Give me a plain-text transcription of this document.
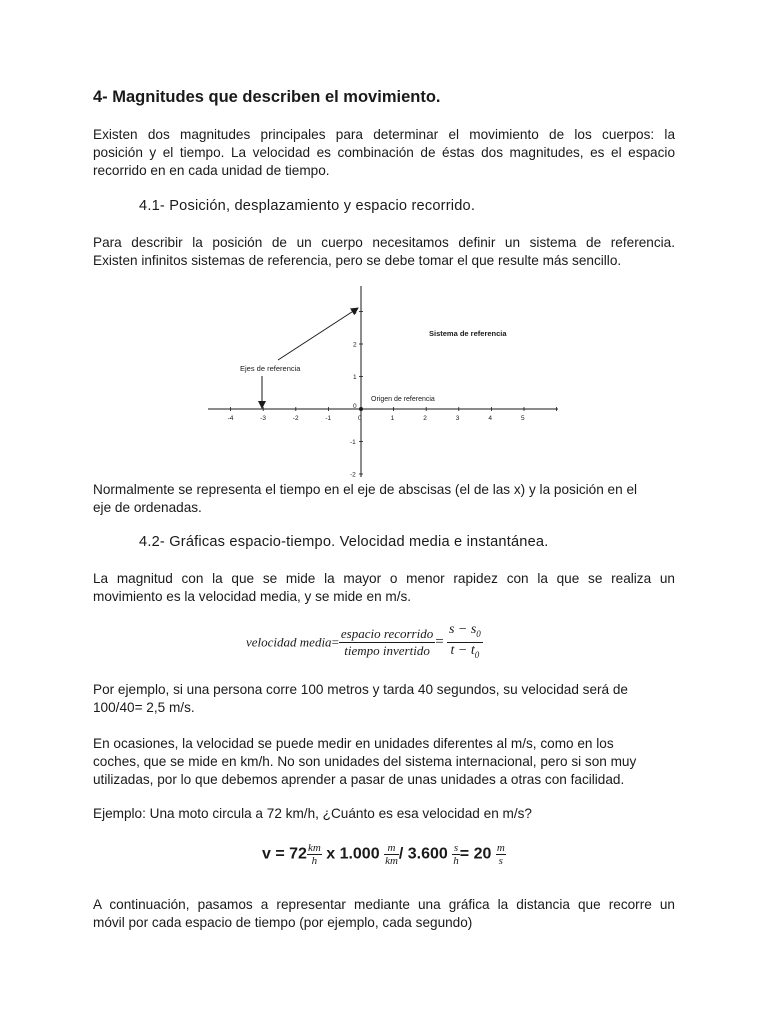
4- Magnitudes que describen el movimiento.
Existen dos magnitudes principales para determinar el movimiento de los cuerpos: la
posición y el tiempo. La velocidad es combinación de éstas dos magnitudes, es el espacio
recorrido en en cada unidad de tiempo.
4.1- Posición, desplazamiento y espacio recorrido.
Para describir la posición de un cuerpo necesitamos definir un sistema de referencia.
Existen infinitos sistemas de referencia, pero se debe tomar el que resulte más sencillo.
-4	-3	-2	-1	0	1	2	3	4	5
3
2
1
-1
-2
Sistema de referencia
Ejes de referencia
Origen de referencia
0
Normalmente se representa el tiempo en el eje de abscisas (el de las x) y la posición en el
eje de ordenadas.
4.2- Gráficas espacio-tiempo. Velocidad media e instantánea.
La magnitud con la que se mide la mayor o menor rapidez con la que se realiza un
movimiento es la velocidad media, y se mide en m/s.
velocidad media= $\frac{\text{espacio recorrido}}{\text{tiempo invertido}} = \frac{s - s_0}{t - t_0}$
Por ejemplo, si una persona corre 100 metros y tarda 40 segundos, su velocidad será de
100/40= 2,5 m/s.
En ocasiones, la velocidad se puede medir en unidades diferentes al m/s, como en los
coches, que se mide en km/h. No son unidades del sistema internacional, pero si son muy
utilizadas, por lo que debemos aprender a pasar de unas unidades a otras con facilidad.
Ejemplo: Una moto circula a 72 km/h, ¿Cuánto es esa velocidad en m/s?
$v = 72 \frac{km}{h}$ x $1.000 \frac{m}{km} / 3.600 \frac{s}{h} = 20 \frac{m}{s}$
A continuación, pasamos a representar mediante una gráfica la distancia que recorre un
móvil por cada espacio de tiempo (por ejemplo, cada segundo)
